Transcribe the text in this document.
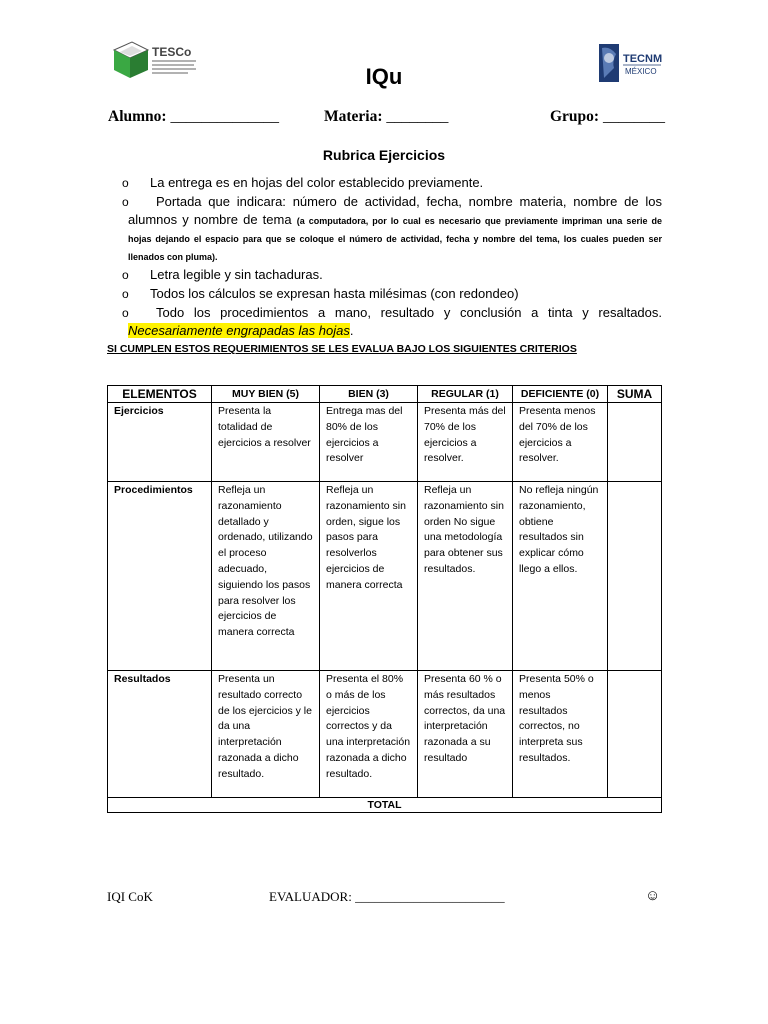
TESCo
IQu
TECNM
MÉXICO
Alumno: ______________	Materia: ________	Grupo: ________
Rubrica Ejercicios
o	La entrega es en hojas del color establecido previamente.
o	Portada que indicara: número de actividad, fecha, nombre materia, nombre de los alumnos y nombre de tema (a computadora, por lo cual es necesario que previamente impriman una serie de hojas dejando el espacio para que se coloque el número de actividad, fecha y nombre del tema, los cuales pueden ser llenados con pluma).
o	Letra legible y sin tachaduras.
o	Todos los cálculos se expresan hasta milésimas (con redondeo)
o	Todo los procedimientos a mano, resultado y conclusión a tinta y resaltados. Necesariamente engrapadas las hojas.
SI CUMPLEN ESTOS REQUERIMIENTOS SE LES EVALUA BAJO LOS SIGUIENTES CRITERIOS
ELEMENTOS	MUY BIEN (5)	BIEN (3)	REGULAR (1)	DEFICIENTE (0)	SUMA
Ejercicios	Presenta la totalidad de ejercicios a resolver	Entrega mas del 80% de los ejercicios a resolver	Presenta más del 70% de los ejercicios a resolver.	Presenta menos del 70% de los ejercicios a resolver.	
Procedimientos	Refleja un razonamiento detallado y ordenado, utilizando el proceso adecuado, siguiendo los pasos para resolver los ejercicios de manera correcta	Refleja un razonamiento sin orden, sigue los pasos para resolverlos ejercicios de manera correcta	Refleja un razonamiento sin orden No sigue una metodología para obtener sus resultados.	No refleja ningún razonamiento, obtiene resultados sin explicar cómo llego a ellos.	
Resultados	Presenta un resultado correcto de los ejercicios y le da una interpretación razonada a dicho resultado.	Presenta el 80% o más de los ejercicios correctos y da una interpretación razonada a dicho resultado.	Presenta 60 % o más resultados correctos, da una interpretación razonada a su resultado	Presenta 50% o menos resultados correctos, no interpreta sus resultados.	
TOTAL					
IQI CoK	EVALUADOR: _______________________	☺
